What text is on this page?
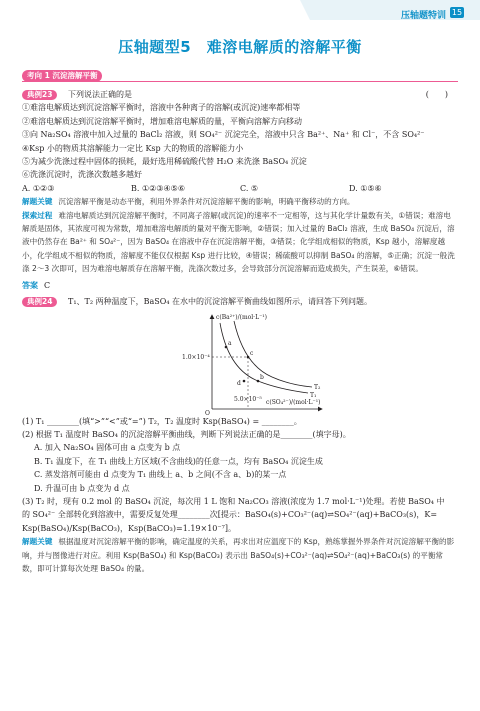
压轴题特训 15
压轴题型5　难溶电解质的溶解平衡
考向 1 沉淀溶解平衡

典例23 下列说法正确的是	(　　)

①难溶电解质达到沉淀溶解平衡时，溶液中各种离子的溶解(或沉淀)速率都相等

②难溶电解质达到沉淀溶解平衡时，增加难溶电解质的量，平衡向溶解方向移动

③向 Na₂SO₄ 溶液中加入过量的 BaCl₂ 溶液，则 SO₄²⁻ 沉淀完全，溶液中只含 Ba²⁺、Na⁺ 和 Cl⁻，不含 SO₄²⁻

④Ksp 小的物质其溶解能力一定比 Ksp 大的物质的溶解能力小

⑤为减少洗涤过程中固体的损耗，最好选用稀硫酸代替 H₂O 来洗涤 BaSO₄ 沉淀

⑥洗涤沉淀时，洗涤次数越多越好

A. ①②③	B. ①②③④⑤⑥	C. ⑤	D. ①⑤⑥

解题关键 沉淀溶解平衡是动态平衡，利用外界条件对沉淀溶解平衡的影响，明确平衡移动的方向。

探索过程 难溶电解质达到沉淀溶解平衡时，不同离子溶解(或沉淀)的速率不一定相等，这与其化学计量数有关，①错误；难溶电解质是固体，其浓度可视为常数，增加难溶电解质的量对平衡无影响，②错误；加入过量的 BaCl₂ 溶液，生成 BaSO₄ 沉淀后，溶液中仍然存在 Ba²⁺ 和 SO₄²⁻，因为 BaSO₄ 在溶液中存在沉淀溶解平衡，③错误；化学组成相似的物质，Ksp 越小，溶解度越小，化学组成不相似的物质，溶解度不能仅仅根据 Ksp 进行比较，④错误；稀硫酸可以抑制 BaSO₄ 的溶解，⑤正确；沉淀一般洗涤 2～3 次即可，因为难溶电解质存在溶解平衡，洗涤次数过多，会导致部分沉淀溶解而造成损失，产生误差，⑥错误。

答案 C

典例24 T₁、T₂ 两种温度下，BaSO₄ 在水中的沉淀溶解平衡曲线如图所示，请回答下列问题。

c(Ba²⁺)/(mol·L⁻¹)
c(SO₄²⁻)/(mol·L⁻¹)
1.0×10⁻⁴
5.0×10⁻⁵
O
a
b
c
d
T₁
T₂

(1) T₁ ________(填“>”“<”或“=”) T₂，T₂ 温度时 Ksp(BaSO₄) = ________。

(2) 根据 T₁ 温度时 BaSO₄ 的沉淀溶解平衡曲线，判断下列说法正确的是________(填字母)。

A. 加入 Na₂SO₄ 固体可由 a 点变为 b 点

B. T₁ 温度下，在 T₁ 曲线上方区域(不含曲线)的任意一点，均有 BaSO₄ 沉淀生成

C. 蒸发溶剂可能由 d 点变为 T₁ 曲线上 a、b 之间(不含 a、b)的某一点

D. 升温可由 b 点变为 d 点

(3) T₂ 时，现有 0.2 mol 的 BaSO₄ 沉淀，每次用 1 L 饱和 Na₂CO₃ 溶液(浓度为 1.7 mol·L⁻¹)处理。若使 BaSO₄ 中

的 SO₄²⁻ 全部转化到溶液中，需要反复处理________次[提示：BaSO₄(s)+CO₃²⁻(aq)⇌SO₄²⁻(aq)+BaCO₃(s)，K=

Ksp(BaSO₄)/Ksp(BaCO₃)，Ksp(BaCO₃)=1.19×10⁻⁷]。

解题关键 根据温度对沉淀溶解平衡的影响，确定温度的关系，再求出对应温度下的 Ksp，熟练掌握外界条件对沉淀溶解平衡的影响，并与图像进行对应。利用 Ksp(BaSO₄) 和 Ksp(BaCO₃) 表示出 BaSO₄(s)+CO₃²⁻(aq)⇌SO₄²⁻(aq)+BaCO₃(s) 的平衡常数，即可计算每次处理 BaSO₄ 的量。
